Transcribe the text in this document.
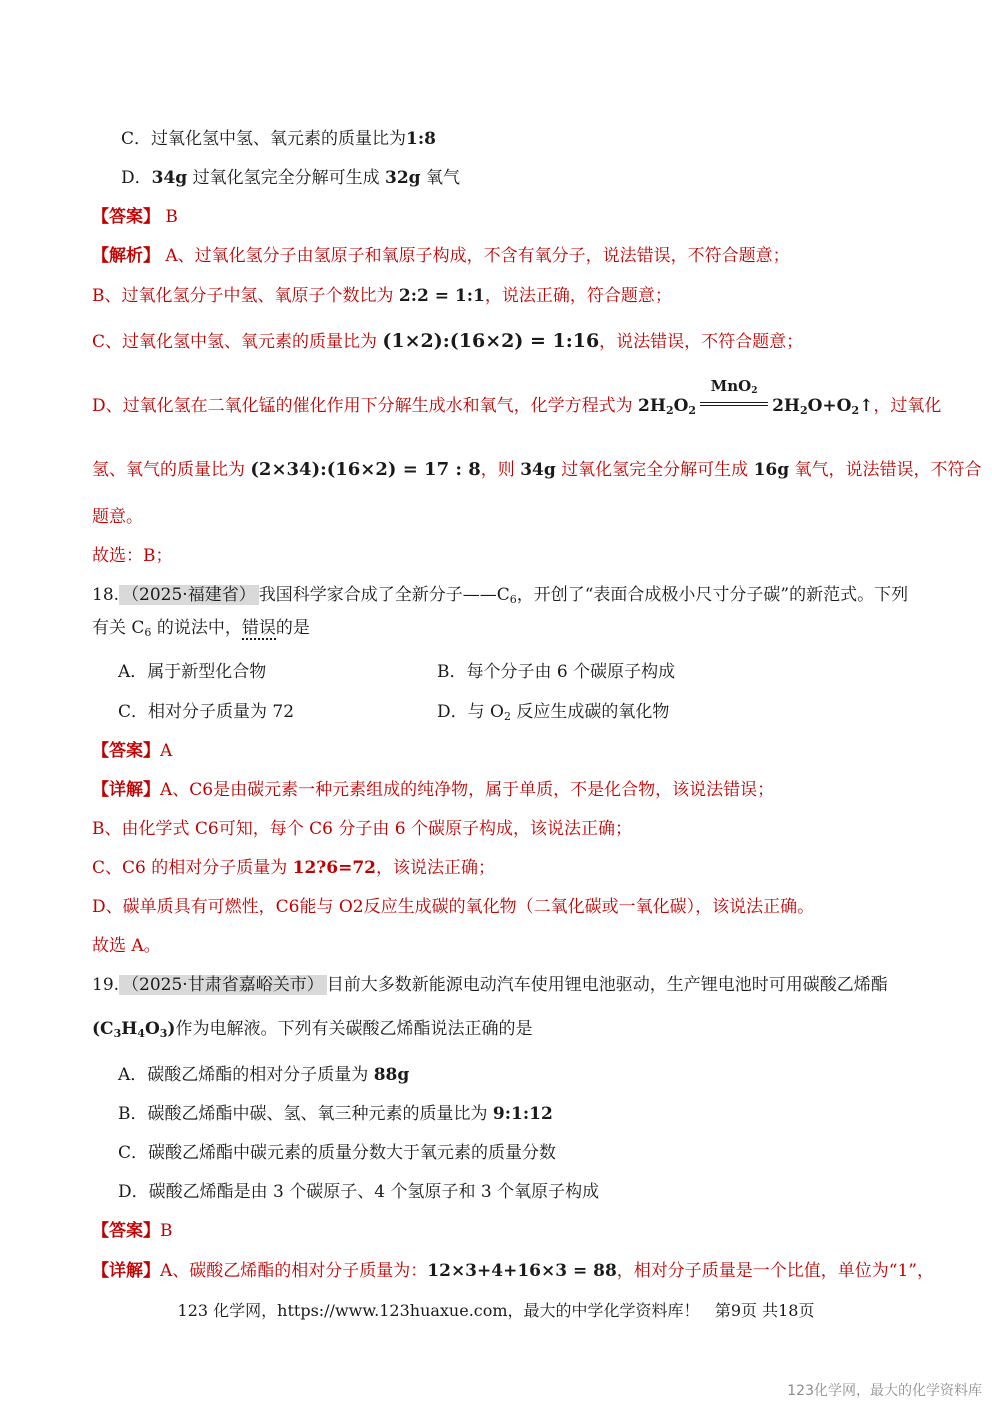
C．过氧化氢中氢、氧元素的质量比为1:8
D．34g 过氧化氢完全分解可生成 32g 氧气
【答案】 B
【解析】 A、过氧化氢分子由氢原子和氧原子构成，不含有氧分子，说法错误，不符合题意；
B、过氧化氢分子中氢、氧原子个数比为 2:2 = 1:1，说法正确，符合题意；
C、过氧化氢中氢、氧元素的质量比为 (1×2):(16×2) = 1:16，说法错误，不符合题意；
D、过氧化氢在二氧化锰的催化作用下分解生成水和氧气，化学方程式为 $2H_2O_2$
MnO$_2$
$2H_2O+O_2↑$，过氧化
氢、氧气的质量比为 (2×34):(16×2) = 17 : 8，则 34g 过氧化氢完全分解可生成 16g 氧气，说法错误，不符合
题意。
故选：B；
18. （2025·福建省） 我国科学家合成了全新分子$——C_6$，开创了“表面合成极小尺寸分子碳”的新范式。下列
有关 $C_6$ 的说法中，错误的是
A．属于新型化合物	B．每个分子由 6 个碳原子构成
C．相对分子质量为 72	D．与 $O_2$ 反应生成碳的氧化物
【答案】A
【详解】A、C6是由碳元素一种元素组成的纯净物，属于单质，不是化合物，该说法错误；
B、由化学式 C6可知，每个 C6 分子由 6 个碳原子构成，该说法正确；
C、C6 的相对分子质量为 12?6=72，该说法正确；
D、碳单质具有可燃性，C6能与 O2反应生成碳的氧化物（二氧化碳或一氧化碳），该说法正确。
故选 A。
19. （2025·甘肃省嘉峪关市） 目前大多数新能源电动汽车使用锂电池驱动，生产锂电池时可用碳酸乙烯酯
$(C_3H_4O_3)$作为电解液。下列有关碳酸乙烯酯说法正确的是
A．碳酸乙烯酯的相对分子质量为 88g
B．碳酸乙烯酯中碳、氢、氧三种元素的质量比为 9:1:12
C．碳酸乙烯酯中碳元素的质量分数大于氧元素的质量分数
D．碳酸乙烯酯是由 3 个碳原子、4 个氢原子和 3 个氧原子构成
【答案】B
【详解】A、碳酸乙烯酯的相对分子质量为：12×3+4+16×3 = 88，相对分子质量是一个比值，单位为“1”，
123 化学网，https://www.123huaxue.com，最大的中学化学资料库！ 第9页 共18页
123化学网，最大的化学资料库
